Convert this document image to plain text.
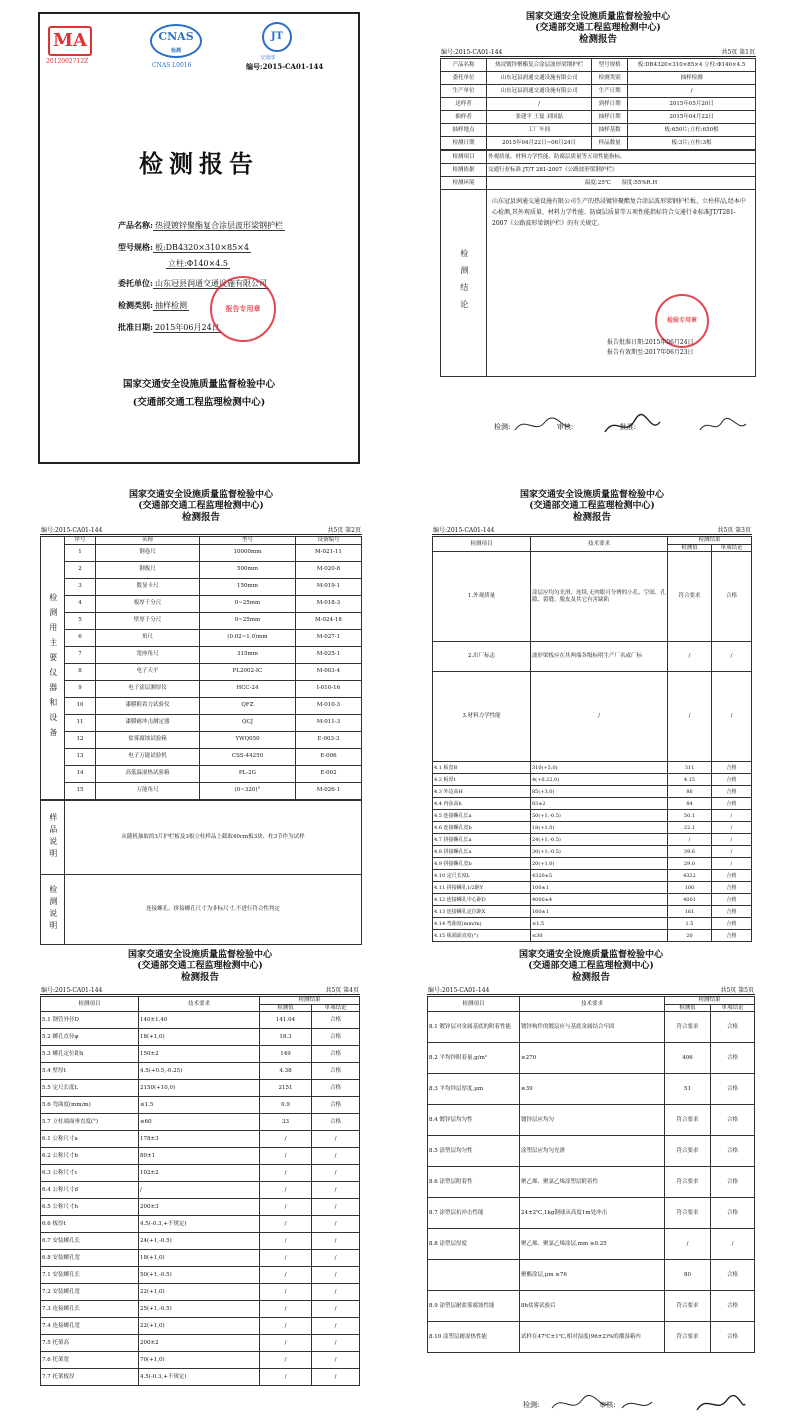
MA
2012002712Z
CNAS
检测
CNAS L0016
JT
交通部
编号:2015-CA01-144
检测报告
产品名称: 热浸镀锌聚酯复合涂层波形梁钢护栏
型号规格: 板:DB4320×310×85×4
立柱:Φ140×4.5
委托单位: 山东冠县润通交通设施有限公司
检测类别: 抽样检测
批准日期: 2015年06月24日
报告专用章
国家交通安全设施质量监督检验中心
(交通部交通工程监理检测中心)
国家交通安全设施质量监督检验中心
(交通部交通工程监理检测中心)
检测报告
编号:2015-CA01-144	共5页 第1页
产品名称	热浸镀锌聚酯复合涂层波形梁钢护栏	型号规格	板:DB4320×310×85×4 立柱:Φ140×4.5
委托单位	山东冠县润通交通设施有限公司	检测类别	抽样检测
生产单位	山东冠县润通交通设施有限公司	生产日期	/
送样者	/	到样日期	2015年05月20日
抽样者	张建平 王磊 刘国磊	抽样日期	2015年04月22日
抽样地点	工厂车间	抽样基数	板:650片;立柱:650根
检测日期	2015年04月22日~06月24日	样品数量	板:3片;立柱:3根
检测项目	外观质量、材料力学性能、防腐层质量等五项性能指标。
检测依据	交通行业标准 JT/T 281-2007《公路波形梁钢护栏》
检测环境	温度:25℃ 湿度:55%R.H

检测结论	山东冠县润通交通设施有限公司生产的热浸镀锌聚酯复合涂层波形梁钢护栏板、立柱样品,经本中心检测,其外观质量、材料力学性能、防腐层质量等五项性能指标符合交通行业标准JT/T281-2007《公路波形梁钢护栏》的有关规定。
检验专用章
报告批准日期:2015年06月24日
报告有效期至:2017年06月23日
检测:
	审核:
	批准:

国家交通安全设施质量监督检验中心
(交通部交通工程监理检测中心)
检测报告
编号:2015-CA01-144	共5页 第2页
检测用主要仪器和设备	序号	名称	型号	设备编号
	1	钢卷尺	10000mm	M-021-11
	2	钢板尺	500mm	M-020-8
	3	数显卡尺	150mm	M-019-1
	4	板厚千分尺	0~25mm	M-018-3
	5	壁厚千分尺	0~25mm	M-024-18
	6	角尺	(0.02~1.0)mm	M-027-1
	7	宽座角尺	315mm	M-025-1
	8	电子天平	PL2002-IC	M-003-4
	9	电子涂层测厚仪	HCC-24	I-010-16
	10	漆膜附着力试验仪	QFZ	M-010-3
	11	漆膜耐冲击测定器	QCJ	M-011-3
	12	盐雾腐蚀试验箱	YWQ050	E-003-3
	13	电子万能试验机	CSS-44250	E-006
	14	高低温湿热试验箱	PL-2G	E-002
	15	万能角尺	(0~320)°	M-026-1
样品说明	从随机抽取的3片护栏板及3根立柱样品上截取40cm板3块、柱3节作为试样

检测说明	连接螺孔、拼接螺孔尺寸为非标尺寸,不进行符合性判定
国家交通安全设施质量监督检验中心
(交通部交通工程监理检测中心)
检测报告
编号:2015-CA01-144	共5页 第3页
检测项目	技术要求	检测结果	
		检测值	单项结论
1.外观质量	涂层应均匀光滑、连续,无肉眼可分辨的小孔、空间、孔隙、裂缝、脱皮及其它有害缺陷	符合要求	合格
2.出厂标志	波形梁板应在其两端各级标明生产厂名或厂标	/	/
3.材料力学性能	/	/	/
4.1 板宽B	310(+5,0)	311	合格
4.2 板厚t	4(+0.22,0)	4.15	合格
4.3 外边高H	85(+3,0)	86	合格
4.4 内弦高h	83±2	84	合格
4.5 连接螺孔长a	50(+1,-0.5)	50.1	/
4.6 连接螺孔宽b	18(+1,0)	22.1	/
4.7 拼接螺孔长a	24(+1,-0.5)	/	/
4.8 拼接螺孔长a	30(+1,-0.5)	39.6	/
4.9 拼接螺孔宽b	20(+1,0)	29.0	/
4.10 定尺长度L	4320±5	4322	合格
4.11 拼接螺孔1/2距Y	100±1	100	合格
4.12 连接螺孔中心距D	4000±4	4001	合格
4.13 连接螺孔定位距X	160±1	161	合格
4.14 弯曲度(mm/m)	≤1.5	1.5	合格
4.15 板端面直度(°)	≤30	20	合格
国家交通安全设施质量监督检验中心
(交通部交通工程监理检测中心)
检测报告
编号:2015-CA01-144	共5页 第4页
检测项目	技术要求	检测结果	
		检测值	单项结论
5.1 钢管外径D	140±1.40	141.04	合格
5.2 螺孔直径φ	18(+1,0)	18.3	合格
5.3 螺孔定位距h	150±2	149	合格
5.4 壁厚t	4.5(+0.5,-0.25)	4.38	合格
5.5 定尺长度L	2150(+10,0)	2151	合格
5.6 弯曲度(mm/m)	≤1.5	0.9	合格
5.7 立柱端面垂直度(°)	≤60	33	合格
6.1 公称尺寸a	178±3	/	/
6.2 公称尺寸b	80±1	/	/
6.3 公称尺寸c	102±2	/	/
6.4 公称尺寸d	/	/	/
6.5 公称尺寸h	200±3	/	/
6.6 板厚t	4.5(-0.3,+不规定)	/	/
6.7 安装螺孔长	24(+1,-0.5)	/	/
6.8 安装螺孔宽	18(+1,0)	/	/
7.1 安装螺孔长	50(+1,-0.5)	/	/
7.2 安装螺孔宽	22(+1,0)	/	/
7.3 连接螺孔长	25(+1,-0.5)	/	/
7.4 连接螺孔宽	22(+1,0)	/	/
7.5 托架高	200±2	/	/
7.6 托架宽	70(+1,0)	/	/
7.7 托架板厚	4.5(-0.3,+不规定)	/	/
国家交通安全设施质量监督检验中心
(交通部交通工程监理检测中心)
检测报告
编号:2015-CA01-144	共5页 第5页
检测项目	技术要求	检测结果	
		检测值	单项结论
8.1 镀锌层对金属基底的附着性能	镀锌构件的镀层应与基底金属结合牢固	符合要求	合格
8.2 平均锌附着量,g/m²	≥270	406	合格
8.3 平均锌层厚度,μm	≥39	51	合格
8.4 镀锌层均匀性	镀锌层应均匀	符合要求	合格
8.5 涂塑层均匀性	涂塑层应均匀光滑	符合要求	合格
8.6 涂塑层附着性	聚乙烯、聚氯乙烯涂塑层附着性	符合要求	合格
8.7 涂塑层抗冲击性能	24±2℃,1kg钢球从高度1m处冲击	符合要求	合格
8.8 涂塑层厚度	聚乙烯、聚氯乙烯涂层,mm ≥0.25	/	/
	聚酯涂层,μm ≥76	80	合格
8.9 涂塑层耐盐雾腐蚀性能	8h盐雾试验后	符合要求	合格
8.10 涂塑层耐湿热性能	试样在47℃±1℃,相对湿度(96±2)%的潮湿箱内	符合要求	合格
检测:	审核:
